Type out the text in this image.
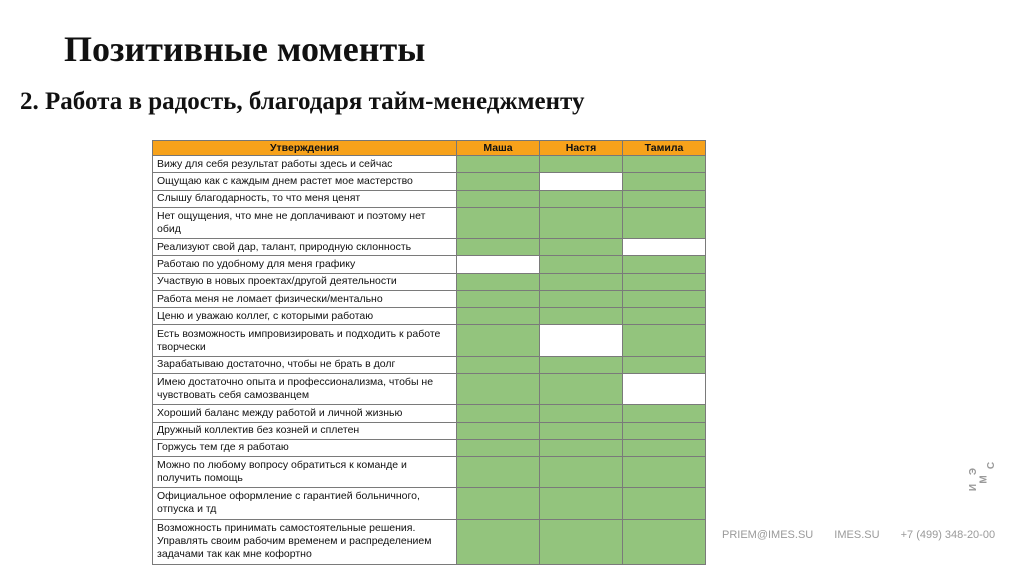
Позитивные моменты
2. Работа в радость, благодаря тайм-менеджменту
Утверждения	Маша	Настя	Тамила
Вижу для себя результат работы здесь и сейчас			
Ощущаю как с каждым днем растет мое мастерство			
Слышу благодарность, то что меня ценят			
Нет ощущения, что мне не доплачивают и поэтому нет обид			
Реализуют свой дар, талант, природную склонность			
Работаю по удобному для меня графику			
Участвую в новых проектах/другой деятельности			
Работа меня не ломает физически/ментально			
Ценю и уважаю коллег, с которыми работаю			
Есть возможность импровизировать и подходить к работе творчески			
Зарабатываю достаточно, чтобы не брать в долг			
Имею достаточно опыта и профессионализма, чтобы не чувствовать себя самозванцем			
Хороший баланс между работой и личной жизнью			
Дружный коллектив без козней и сплетен			
Горжусь тем где я работаю			
Можно по любому вопросу обратиться к команде и получить помощь			
Официальное оформление с гарантией больничного, отпуска и тд			
Возможность принимать самостоятельные решения. Управлять своим рабочим временем и распределением задачами так как мне кофортно			
И
М
Э
С
PRIEM@IMES.SU IMES.SU +7 (499) 348-20-00
